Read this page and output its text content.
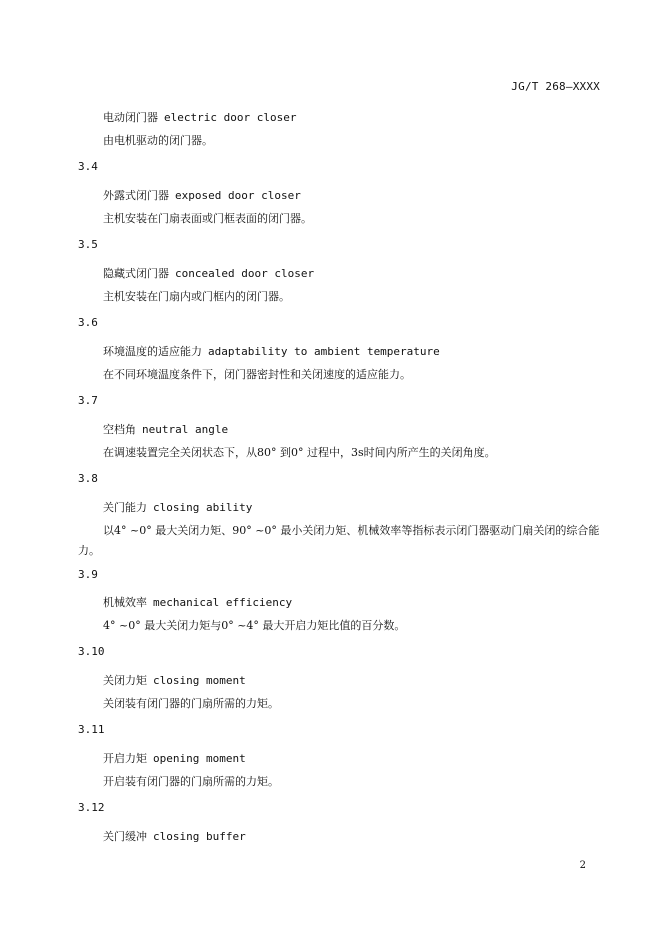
JG/T 268—XXXX
电动闭门器 electric door closer
由电机驱动的闭门器。
3.4
外露式闭门器 exposed door closer
主机安装在门扇表面或门框表面的闭门器。
3.5
隐藏式闭门器 concealed door closer
主机安装在门扇内或门框内的闭门器。
3.6
环境温度的适应能力 adaptability to ambient temperature
在不同环境温度条件下，闭门器密封性和关闭速度的适应能力。
3.7
空档角 neutral angle
在调速装置完全关闭状态下，从80° 到0° 过程中，3s时间内所产生的关闭角度。
3.8
关门能力 closing ability
以4° ~0° 最大关闭力矩、90° ~0° 最小关闭力矩、机械效率等指标表示闭门器驱动门扇关闭的综合能力。
3.9
机械效率 mechanical efficiency
4° ~0° 最大关闭力矩与0° ~4° 最大开启力矩比值的百分数。
3.10
关闭力矩 closing moment
关闭装有闭门器的门扇所需的力矩。
3.11
开启力矩 opening moment
开启装有闭门器的门扇所需的力矩。
3.12
关门缓冲 closing buffer
2
